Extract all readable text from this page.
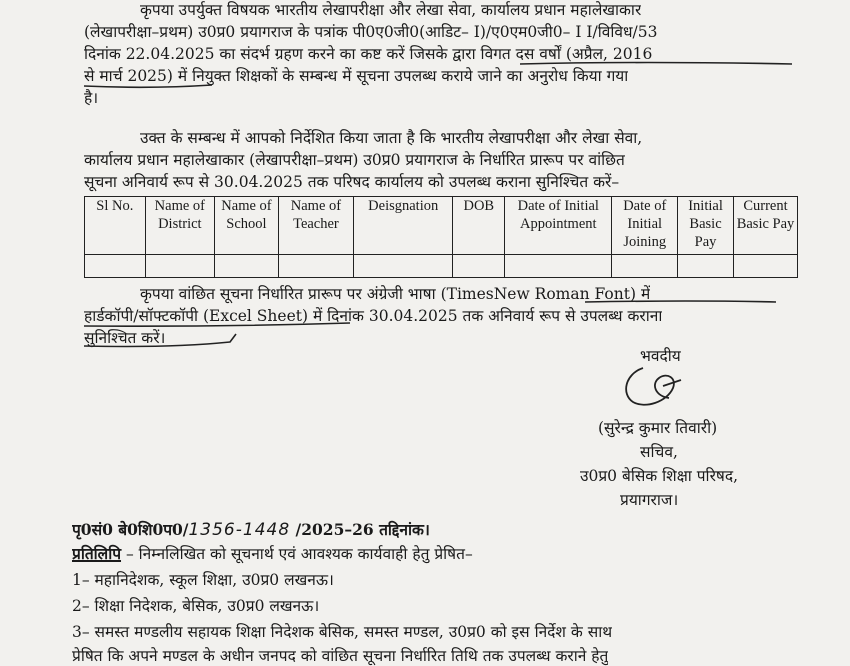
कृपया उपर्युक्त विषयक भारतीय लेखापरीक्षा और लेखा सेवा, कार्यालय प्रधान महालेखाकार
(लेखापरीक्षा–प्रथम) उ0प्र0 प्रयागराज के पत्रांक पी0ए0जी0(आडिट– I)/ए0एम0जी0– I I/विविध/53
दिनांक 22.04.2025 का संदर्भ ग्रहण करने का कष्ट करें जिसके द्वारा विगत दस वर्षों (अप्रैल, 2016
से मार्च 2025) में नियुक्त शिक्षकों के सम्बन्ध में सूचना उपलब्ध कराये जाने का अनुरोध किया गया
है।
उक्त के सम्बन्ध में आपको निर्देशित किया जाता है कि भारतीय लेखापरीक्षा और लेखा सेवा,
कार्यालय प्रधान महालेखाकार (लेखापरीक्षा–प्रथम) उ0प्र0 प्रयागराज के निर्धारित प्रारूप पर वांछित
सूचना अनिवार्य रूप से 30.04.2025 तक परिषद कार्यालय को उपलब्ध कराना सुनिश्चित करें–
Sl No.	Name of District	Name of School	Name of Teacher	Deisgnation	DOB	Date of Initial Appointment	Date of Initial Joining	Initial Basic Pay	Current Basic Pay

कृपया वांछित सूचना निर्धारित प्रारूप पर अंग्रेजी भाषा (TimesNew Roman Font) में
हार्डकॉपी/सॉफ्टकॉपी (Excel Sheet) में दिनांक 30.04.2025 तक अनिवार्य रूप से उपलब्ध कराना
सुनिश्चित करें।
भवदीय
(सुरेन्द्र कुमार तिवारी)
सचिव,
उ0प्र0 बेसिक शिक्षा परिषद,
प्रयागराज।
पृ0सं0 बे0शि0प0/1356-1448 /2025–26 तद्दिनांक।
प्रतिलिपि – निम्नलिखित को सूचनार्थ एवं आवश्यक कार्यवाही हेतु प्रेषित–
1– महानिदेशक, स्कूल शिक्षा, उ0प्र0 लखनऊ।
2– शिक्षा निदेशक, बेसिक, उ0प्र0 लखनऊ।
3– समस्त मण्डलीय सहायक शिक्षा निदेशक बेसिक, समस्त मण्डल, उ0प्र0 को इस निर्देश के साथ
प्रेषित कि अपने मण्डल के अधीन जनपद को वांछित सूचना निर्धारित तिथि तक उपलब्ध कराने हेतु
